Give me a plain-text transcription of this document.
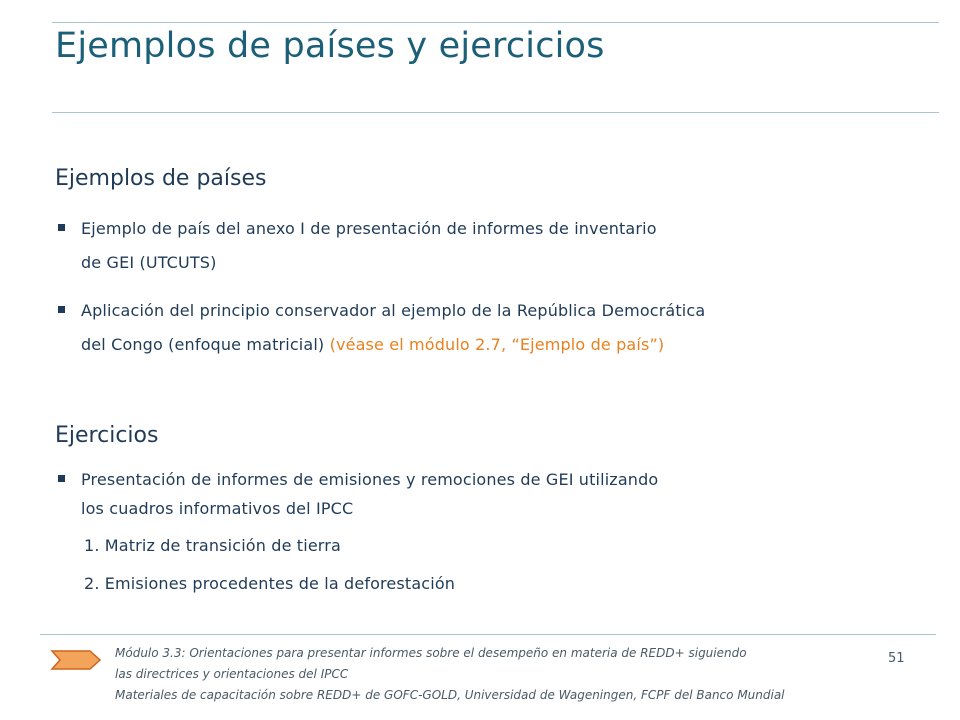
Ejemplos de países y ejercicios
Ejemplos de países
Ejemplo de país del anexo I de presentación de informes de inventario
de GEI (UTCUTS)
Aplicación del principio conservador al ejemplo de la República Democrática
del Congo (enfoque matricial) (véase el módulo 2.7, “Ejemplo de país”)
Ejercicios
Presentación de informes de emisiones y remociones de GEI utilizando
los cuadros informativos del IPCC
1. Matriz de transición de tierra
2. Emisiones procedentes de la deforestación
Módulo 3.3: Orientaciones para presentar informes sobre el desempeño en materia de REDD+ siguiendo
las directrices y orientaciones del IPCC
Materiales de capacitación sobre REDD+ de GOFC-GOLD, Universidad de Wageningen, FCPF del Banco Mundial
51
